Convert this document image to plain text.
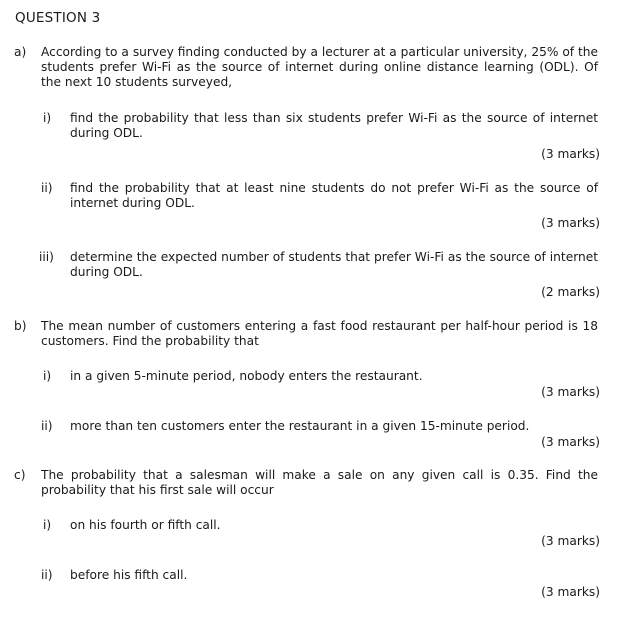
QUESTION 3
a)	According to a survey finding conducted by a lecturer at a particular university, 25% of the students prefer Wi-Fi as the source of internet during online distance learning (ODL). Of the next 10 students surveyed,
i)	find the probability that less than six students prefer Wi-Fi as the source of internet during ODL.
(3 marks)
ii)	find the probability that at least nine students do not prefer Wi-Fi as the source of internet during ODL.
(3 marks)
iii)	determine the expected number of students that prefer Wi-Fi as the source of internet during ODL.
(2 marks)
b)	The mean number of customers entering a fast food restaurant per half-hour period is 18 customers. Find the probability that
i)	in a given 5-minute period, nobody enters the restaurant.
(3 marks)
ii)	more than ten customers enter the restaurant in a given 15-minute period.
(3 marks)
c)	The probability that a salesman will make a sale on any given call is 0.35. Find the probability that his first sale will occur
i)	on his fourth or fifth call.
(3 marks)
ii)	before his fifth call.
(3 marks)
